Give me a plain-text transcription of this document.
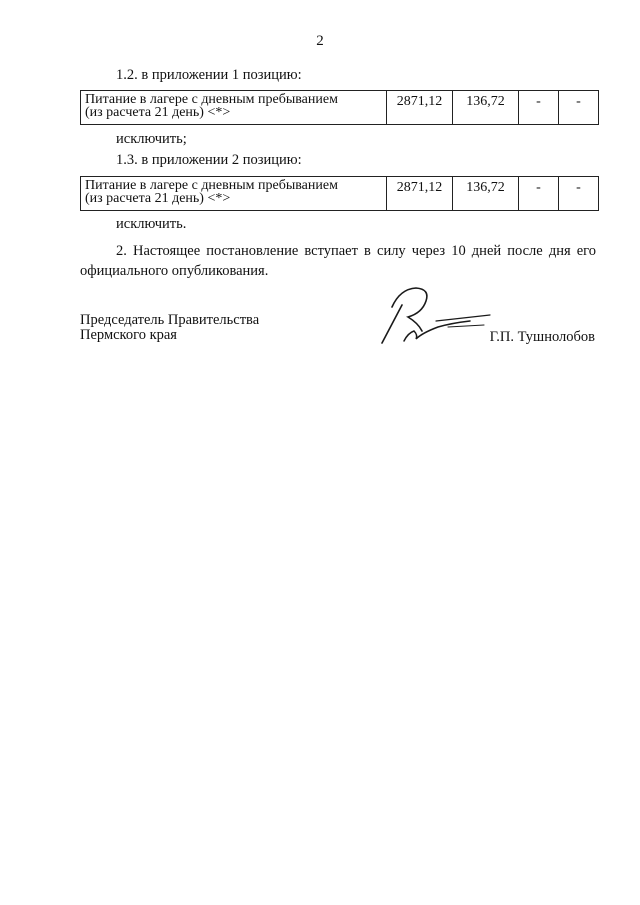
2
1.2. в приложении 1 позицию:
Питание в лагере с дневным пребыванием
(из расчета 21 день) <*>
	2871,12	136,72	-	-
исключить;
1.3. в приложении 2 позицию:
Питание в лагере с дневным пребыванием
(из расчета 21 день) <*>
	2871,12	136,72	-	-
исключить.
2. Настоящее постановление вступает в силу через 10 дней после дня его официального опубликования.
Председатель Правительства
Пермского края	Г.П. Тушнолобов
